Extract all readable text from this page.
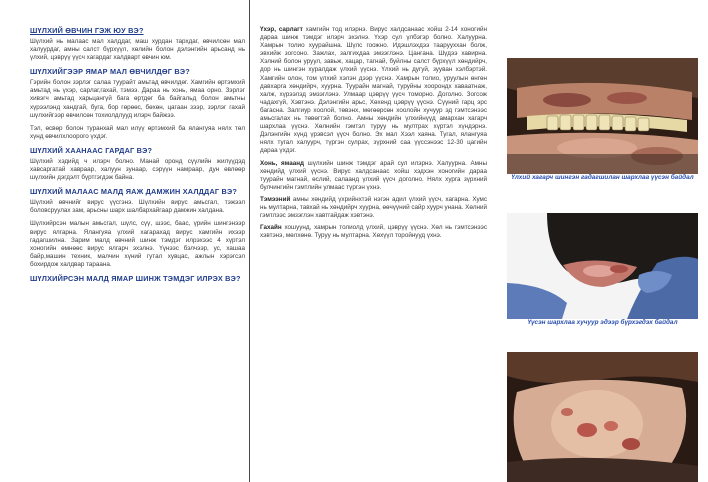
ШҮЛХИЙ ӨВЧИН ГЭЖ ЮУ ВЭ?

Шүлхий нь малаас мал халддаг, маш хурдан тархдаг, өвчилсөн мал халуурдаг, амны салст бүрхүүл, хөлийн болон дэлэнгийн арьсанд нь үлхий, цэврүү үүсч хагардаг халдварт өвчин юм.

ШҮЛХИЙГЭЭР ЯМАР МАЛ ӨВЧИЛДӨГ ВЭ?

Гэрийн болон зэрлэг салаа туурайт амьтад өвчилдөг. Хамгийн өртэмхий амьтад нь үхэр, сарлаг,гахай, тэмээ. Дараа нь хонь, ямаа орно. Зэрлэг хивэгч амьтад харьцангүй бага өртдөг ба байгальд болон амьтны хүрээлэнд хандгай, буга, бор гөрөөс, бөхөн, цагаан зээр, зэрлэг гахай шүлхийгээр өвчилсөн тохиолдлууд илэрч байжээ.

Тэл, өсвөр болон туранхай мал илүү өртэмхий ба ялангуяа нялх төл хүнд өвчилхлоорого үхдэг.

ШҮЛХИЙ ХААНААС ГАРДАГ ВЭ?

Шүлхий хэдийд ч илэрч болно. Манай оронд сүүлийн жилүүдэд хавсаргатай хавраар, халуун зунаар, сэрүүн намраар, дун өвлөөр шүлхийн дэгдэлт бүртгэгдэж байна.

ШҮЛХИЙ МАЛААС МАЛД ЯАЖ ДАМЖИН ХАЛДДАГ ВЭ?

Шүлхий өвчнийг вирус үүсгэнэ. Шүлхийн вирус амьсгал, тэжээл боловсруулах зам, арьсны шарх шалбархайгаар дамжин халдана.

Шүлхийрсэн малын амьсгал, шүлс, сүү, шээс, баас, үрийн шингэнээр вирус ялгарна. Ялангуяа үлхий хагарахад вирус хамгийн ихээр гадагшилна. Зарим малд өвчний шинж тэмдэг илрэхээс 4 хүртэл хоногийн өмнөөс вирус ялгарч эхэлнэ. Үүнээс бэлчээр, ус, хашаа байр,машин техник, малчин хүний гутал хувцас, ажлын хэрэгсэл бохирдож халдвар тараана.

ШҮЛХИЙРСЭН МАЛД ЯМАР ШИНЖ ТЭМДЭГ ИЛРЭХ ВЭ?

Үхэр, сарлагт хамгийн тод илэрнэ. Вирус халдсанаас хойш 2-14 хоногийн дараа шинж тэмдэг илэрч эхэлнэ. Үхэр сул үлбэгэр болно. Халуурна. Хамрын толио хуурайшна. Шүлс гоожно. Идэшлэхдээ таарууххан болж, эвхийж зогсоно. Зажлах, залгихдаа эмзэглэнэ. Цангана. Шүдээ хавирна. Хэлний болон уруул, завьж, хацар, тагнай, буйлны салст бүрхүүл хөндийрч, дор нь шингэн хуралдаж үлхий үүснэ. Үлхий нь дугуй, зууван хэлбэртэй. Хамгийн олон, том үлхий хэлэн дээр үүснэ. Хамрын толио, уруулын өнгөн давхарга хөндийрч, хуурна. Туурайн магнай, туруйны хоорондх хаваатнаж, халж, хүрээлэд эмзэглэнэ. Улмаар цэврүү үүсч томорно. Доголно. Зогсож чадахгүй, Хэвтэнэ. Дэлэнгийн арьс, Хөхенд цэврүү үүснэ. Сүүний гарц эрс багасна. Залгиур хоолой, төвэнх, мөгөөрсөн хоолойн хучуур эд гэмтсэнээс амьсгалах нь төвөгтэй болно. Амны хөндийн үлхийнүүд амархан хагарч шархлаа үүснэ. Хөлнийн гэмтэл туруу нь мултрах хүртэл хүндэрнэ. Дэлэнгийн хүнд үрэвсэл үүсч болно. Эх мал Хээл хаяна. Тугал, ялангуяа нялх тугал халуурч, түргэн сулрах, зүрхний саа үүссэнээс 12-30 цагийн дараа үхдэг.

Хонь, ямаанд шүлхийн шинж тэмдэг арай сул илэрнэ. Халуурна. Амны хөндийд үлхий үүснэ. Вирус халдсанаас хойш хэдхэн хоногийн дараа туурайн магнай, өслий, салаанд үлхий үүсч доголно. Нялх хурга зүрхний булчингийн гэмтлийн улмаас түргэн үхнэ.

Тэмээний амны хөндийд үхрийнхтэй нэгэн адил үлхий үүсч, хагарна. Хумс нь мултарна, тавхай нь хөндийрч хуурна, өөчүүний сайр хуурч унана. Хөлний гэмтлээс эмзэглэн хавтгайдаж хэвтэнэ.

Гахайн хошуунд, хамрын толиолд үлхий, цэврүү үүснэ. Хөл нь гэмтсэнээс хэвтэнэ, мөлхөнө. Туруу нь мултарна. Хөхүүл торойнууд үхнэ.

Үлхий хагарч шингэн гадагшилан шархлаа үүсэн байдал
Үүсэн шархлаа хучуур эдээр бүрхэгдэх байдал
